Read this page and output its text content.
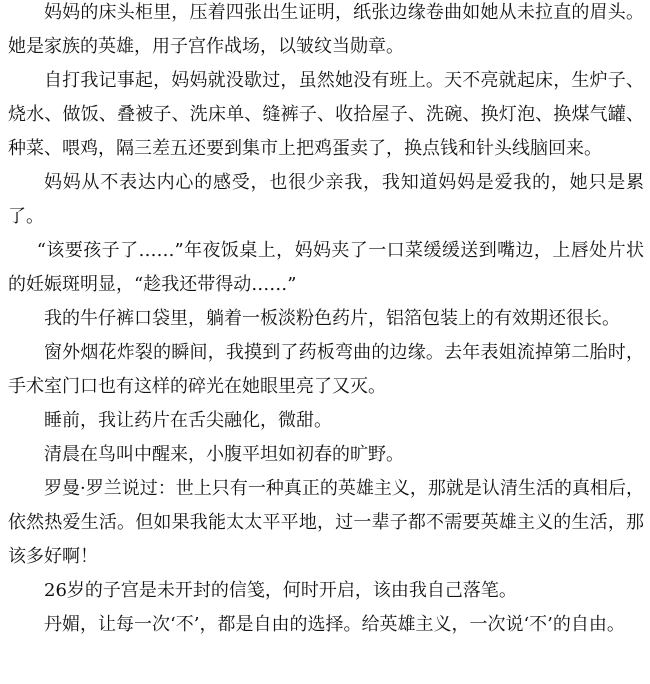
妈妈的床头柜里，压着四张出生证明，纸张边缘卷曲如她从未拉直的眉头。她是家族的英雄，用子宫作战场，以皱纹当勋章。

自打我记事起，妈妈就没歇过，虽然她没有班上。天不亮就起床，生炉子、烧水、做饭、叠被子、洗床单、缝裤子、收拾屋子、洗碗、换灯泡、换煤气罐、种菜、喂鸡，隔三差五还要到集市上把鸡蛋卖了，换点钱和针头线脑回来。

妈妈从不表达内心的感受，也很少亲我，我知道妈妈是爱我的，她只是累了。

“该要孩子了……”年夜饭桌上，妈妈夹了一口菜缓缓送到嘴边，上唇处片状的妊娠斑明显，“趁我还带得动……”

我的牛仔裤口袋里，躺着一板淡粉色药片，铝箔包装上的有效期还很长。

窗外烟花炸裂的瞬间，我摸到了药板弯曲的边缘。去年表姐流掉第二胎时，手术室门口也有这样的碎光在她眼里亮了又灭。

睡前，我让药片在舌尖融化，微甜。

清晨在鸟叫中醒来，小腹平坦如初春的旷野。

罗曼·罗兰说过：世上只有一种真正的英雄主义，那就是认清生活的真相后，依然热爱生活。但如果我能太太平平地，过一辈子都不需要英雄主义的生活，那该多好啊！

26岁的子宫是未开封的信笺，何时开启，该由我自己落笔。

丹媚，让每一次‘不’，都是自由的选择。给英雄主义，一次说‘不’的自由。
